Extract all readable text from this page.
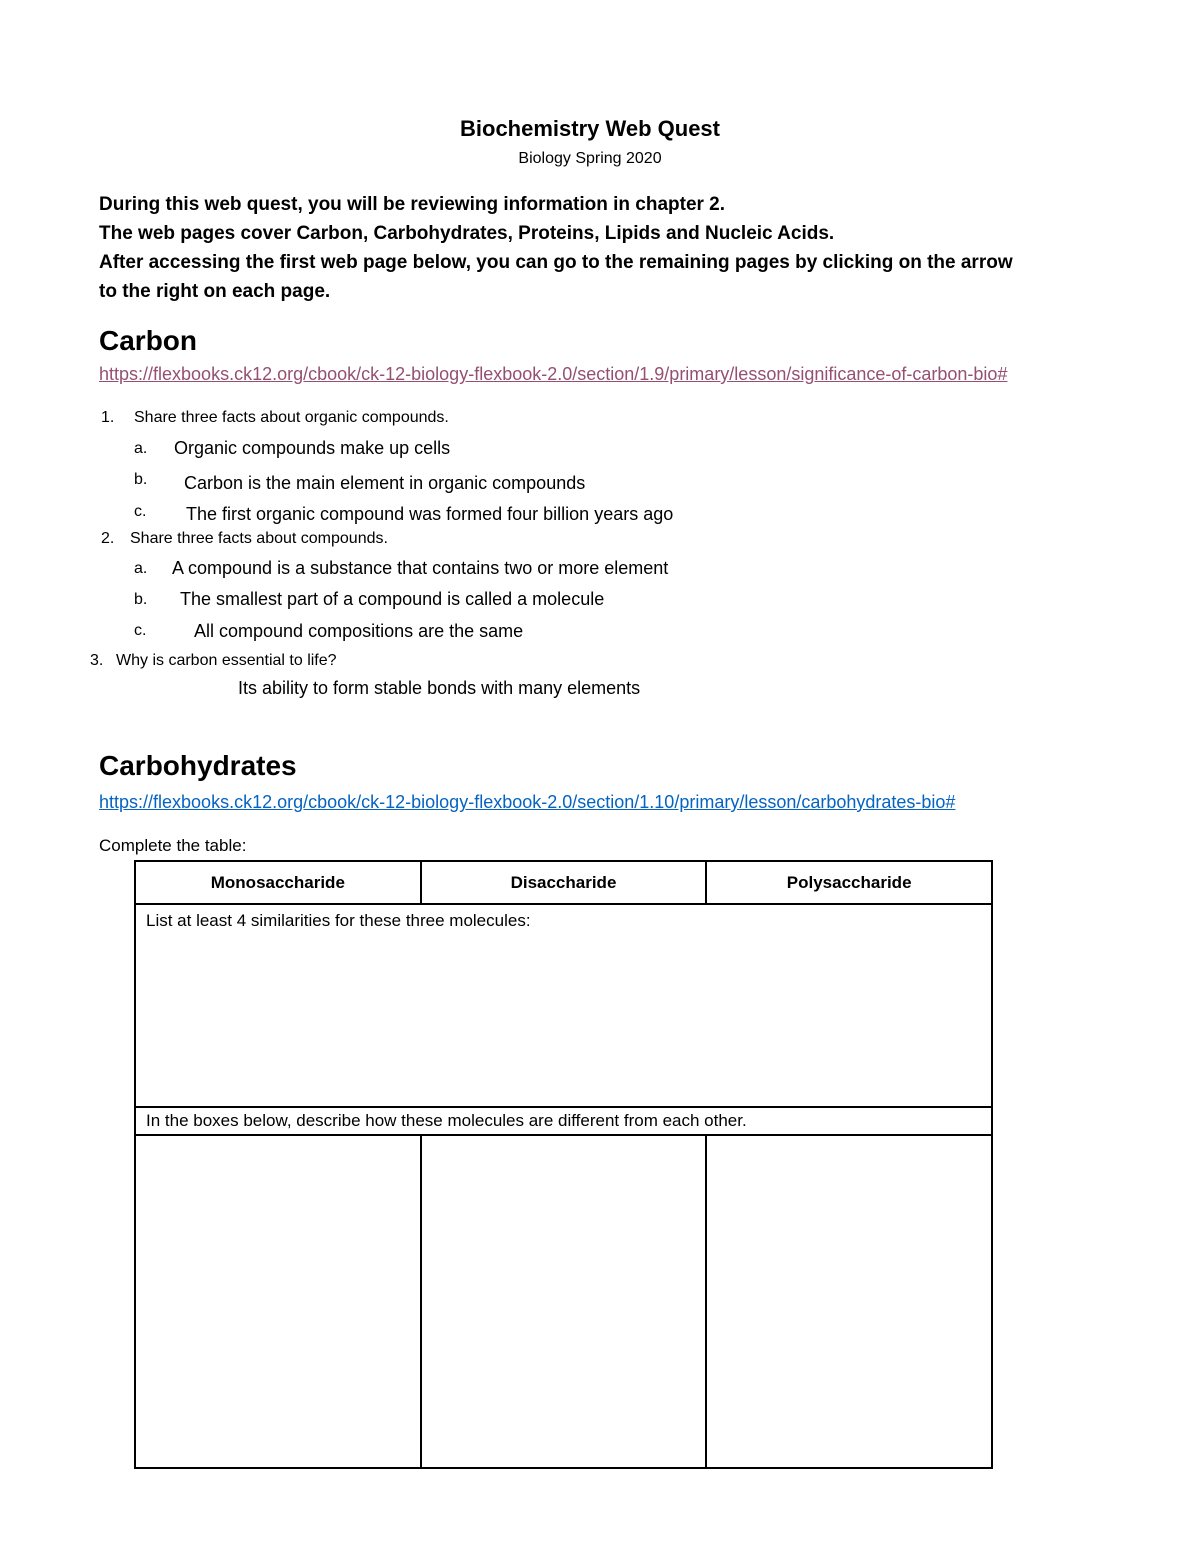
Biochemistry Web Quest
Biology Spring 2020
During this web quest, you will be reviewing information in chapter 2.
The web pages cover Carbon, Carbohydrates, Proteins, Lipids and Nucleic Acids.
After accessing the first web page below, you can go to the remaining pages by clicking on the arrow
to the right on each page.
Carbon
https://flexbooks.ck12.org/cbook/ck-12-biology-flexbook-2.0/section/1.9/primary/lesson/significance-of-carbon-bio#
1. Share three facts about organic compounds.
a. Organic compounds make up cells
b. Carbon is the main element in organic compounds
c. The first organic compound was formed four billion years ago
2. Share three facts about compounds.
a. A compound is a substance that contains two or more element
b. The smallest part of a compound is called a molecule
c.	All compound compositions are the same
3. Why is carbon essential to life?
Its ability to form stable bonds with many elements
Carbohydrates
https://flexbooks.ck12.org/cbook/ck-12-biology-flexbook-2.0/section/1.10/primary/lesson/carbohydrates-bio#
Complete the table:
Monosaccharide	Disaccharide	Polysaccharide

List at least 4 similarities for these three molecules:		

In the boxes below, describe how these molecules are different from each other.		
